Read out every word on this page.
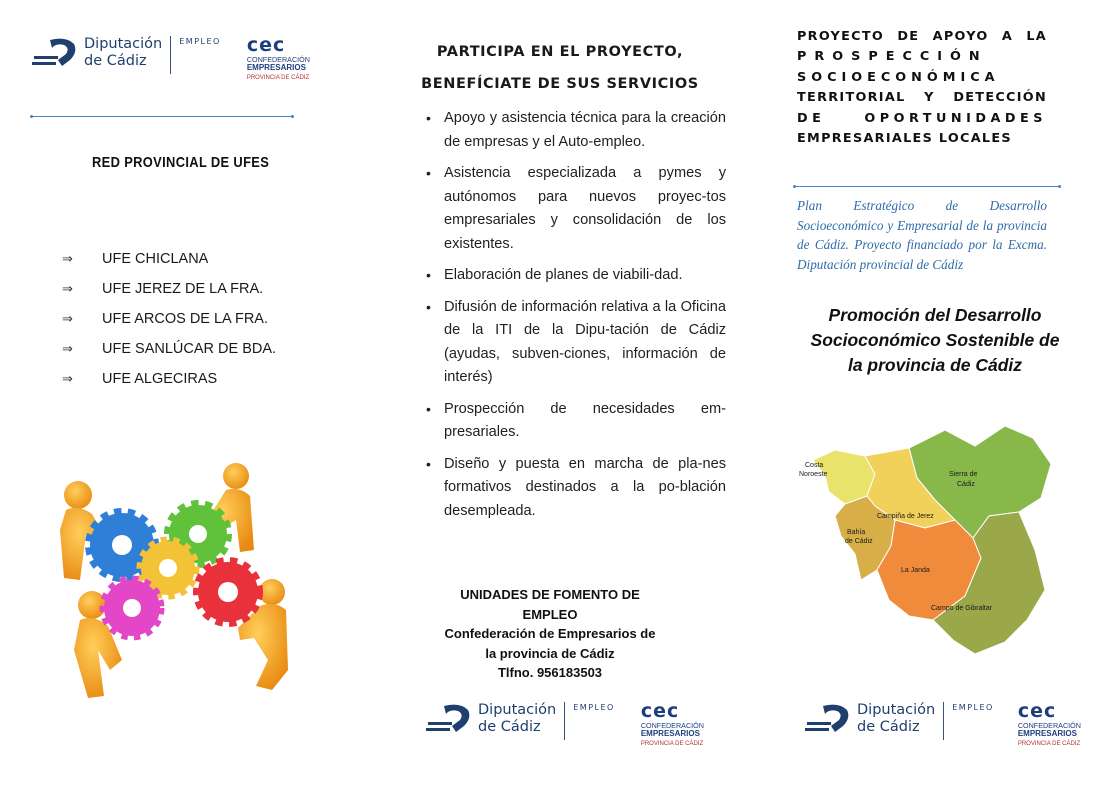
Diputación
de Cádiz
EMPLEO cec
CONFEDERACIÓN
EMPRESARIOS
PROVINCIA DE CÁDIZ
RED PROVINCIAL DE UFES
⇒	UFE CHICLANA
⇒	UFE JEREZ DE LA FRA.
⇒	UFE ARCOS DE LA FRA.
⇒	UFE SANLÚCAR DE BDA.
⇒	UFE ALGECIRAS
PARTICIPA EN EL PROYECTO,
BENEFÍCIATE DE SUS SERVICIOS
• Apoyo y asistencia técnica para la creación de empresas y el Auto-empleo.
• Asistencia especializada a pymes y autónomos para nuevos proyec-tos empresariales y consolidación de los existentes.
• Elaboración de planes de viabili-dad.
• Difusión de información relativa a la Oficina de la ITI de la Dipu-tación de Cádiz (ayudas, subven-ciones, información de interés)
• Prospección de necesidades em-presariales.
• Diseño y puesta en marcha de pla-nes formativos destinados a la po-blación desempleada.
UNIDADES DE FOMENTO DE
EMPLEO
Confederación de Empresarios de
la provincia de Cádiz
Tlfno. 956183503
Diputación
de Cádiz
EMPLEO cec
CONFEDERACIÓN
EMPRESARIOS
PROVINCIA DE CÁDIZ
PROYECTO DE APOYO A LA
PROSPECCIÓN
SOCIOECONÓMICA
TERRITORIAL Y DETECCIÓN
DE OPORTUNIDADES
EMPRESARIALES LOCALES

Plan Estratégico de Desarrollo Socioeconómico y Empresarial de la provincia de Cádiz. Proyecto financiado por la Excma. Diputación provincial de Cádiz

Promoción del Desarrollo
Socioconómico Sostenible de
la provincia de Cádiz
Costa Noroeste	Sierra de Cádiz
Campiña de Jerez
Bahía de Cádiz
La Janda
Campo de Gibraltar
Diputación
de Cádiz
EMPLEO cec
CONFEDERACIÓN
EMPRESARIOS
PROVINCIA DE CÁDIZ
